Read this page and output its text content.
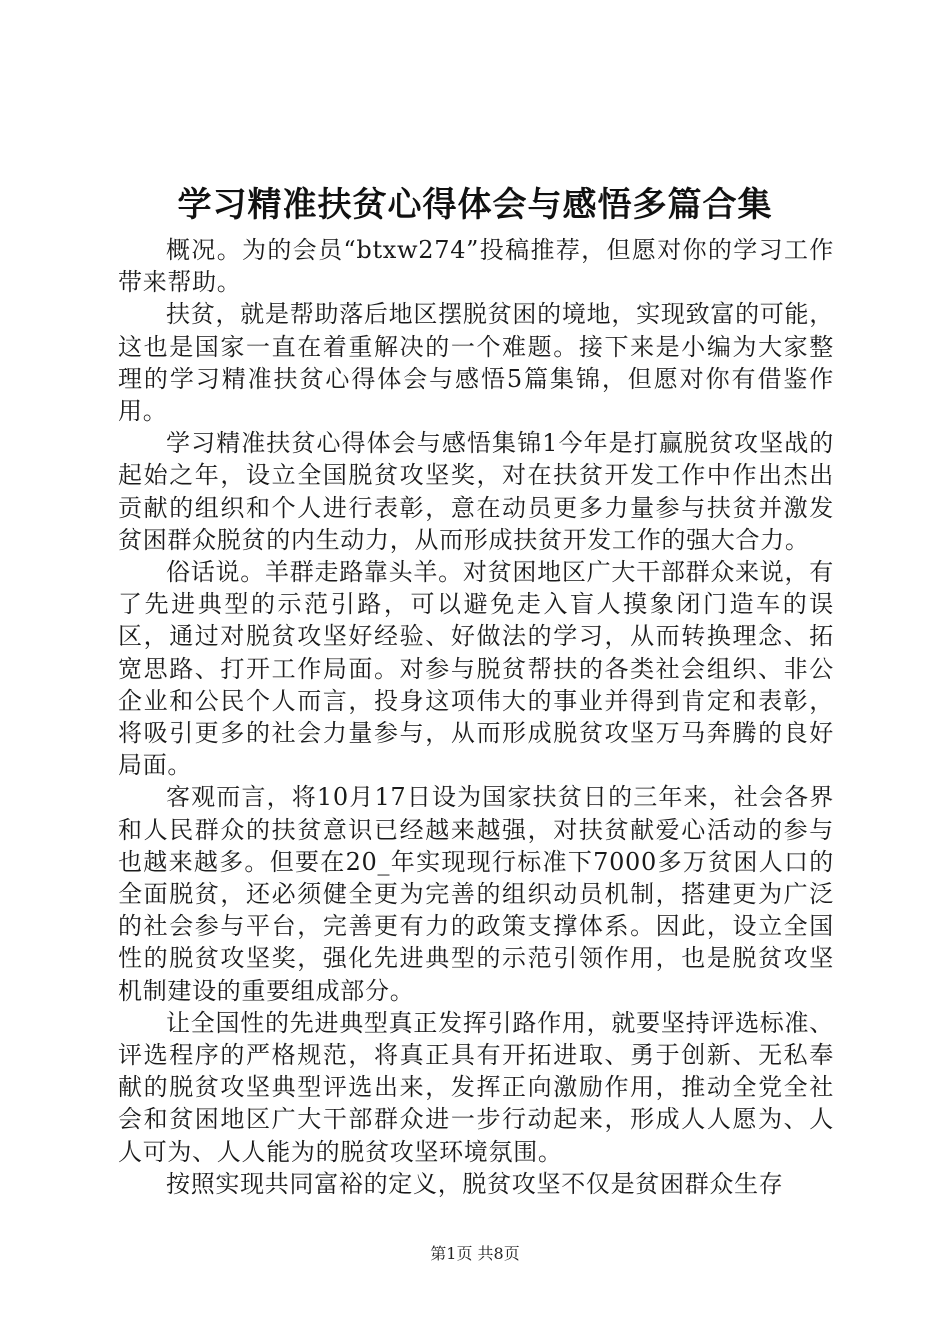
学习精准扶贫心得体会与感悟多篇合集

概况。为的会员“btxw274”投稿推荐，但愿对你的学习工作带来帮助。

扶贫，就是帮助落后地区摆脱贫困的境地，实现致富的可能，这也是国家一直在着重解决的一个难题。接下来是小编为大家整理的学习精准扶贫心得体会与感悟5篇集锦，但愿对你有借鉴作用。

学习精准扶贫心得体会与感悟集锦1今年是打赢脱贫攻坚战的起始之年，设立全国脱贫攻坚奖，对在扶贫开发工作中作出杰出贡献的组织和个人进行表彰，意在动员更多力量参与扶贫并激发贫困群众脱贫的内生动力，从而形成扶贫开发工作的强大合力。

俗话说。羊群走路靠头羊。对贫困地区广大干部群众来说，有了先进典型的示范引路，可以避免走入盲人摸象闭门造车的误区，通过对脱贫攻坚好经验、好做法的学习，从而转换理念、拓宽思路、打开工作局面。对参与脱贫帮扶的各类社会组织、非公企业和公民个人而言，投身这项伟大的事业并得到肯定和表彰，将吸引更多的社会力量参与，从而形成脱贫攻坚万马奔腾的良好局面。

客观而言，将10月17日设为国家扶贫日的三年来，社会各界和人民群众的扶贫意识已经越来越强，对扶贫献爱心活动的参与也越来越多。但要在20_年实现现行标准下7000多万贫困人口的全面脱贫，还必须健全更为完善的组织动员机制，搭建更为广泛的社会参与平台，完善更有力的政策支撑体系。因此，设立全国性的脱贫攻坚奖，强化先进典型的示范引领作用，也是脱贫攻坚机制建设的重要组成部分。

让全国性的先进典型真正发挥引路作用，就要坚持评选标准、评选程序的严格规范，将真正具有开拓进取、勇于创新、无私奉献的脱贫攻坚典型评选出来，发挥正向激励作用，推动全党全社会和贫困地区广大干部群众进一步行动起来，形成人人愿为、人人可为、人人能为的脱贫攻坚环境氛围。

按照实现共同富裕的定义，脱贫攻坚不仅是贫困群众生存

第1页 共8页
